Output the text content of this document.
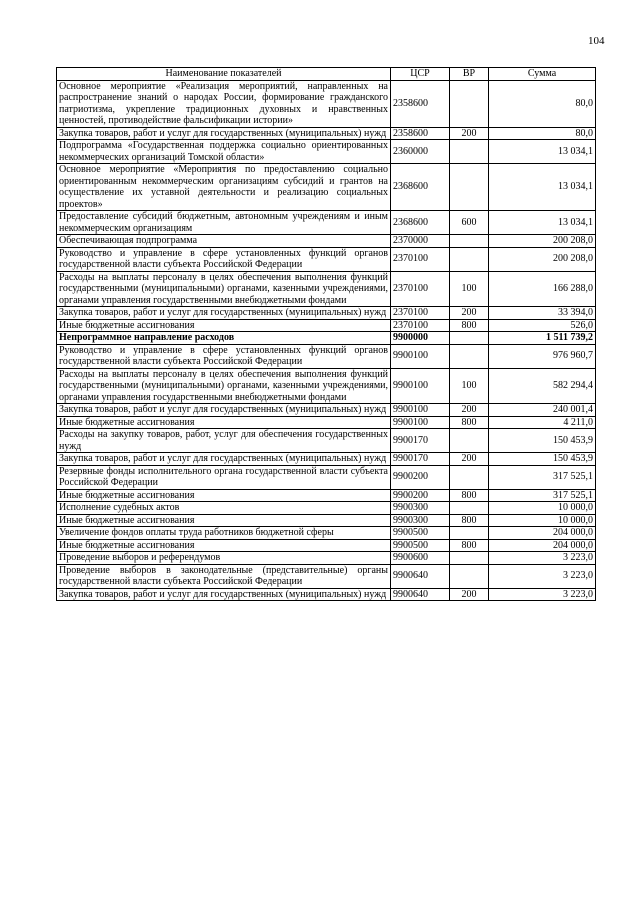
104
Наименование показателей	ЦСР	ВР	Сумма
Основное мероприятие «Реализация мероприятий, направленных на распространение знаний о народах России, формирование гражданского патриотизма, укрепление традиционных духовных и нравственных ценностей, противодействие фальсификации истории»	2358600		80,0
Закупка товаров, работ и услуг для государственных (муниципальных) нужд	2358600	200	80,0
Подпрограмма «Государственная поддержка социально ориентированных некоммерческих организаций Томской области»	2360000		13 034,1
Основное мероприятие «Мероприятия по предоставлению социально ориентированным некоммерческим организациям субсидий и грантов на осуществление их уставной деятельности и реализацию социальных проектов»	2368600		13 034,1
Предоставление субсидий бюджетным, автономным учреждениям и иным некоммерческим организациям	2368600	600	13 034,1
Обеспечивающая подпрограмма	2370000		200 208,0
Руководство и управление в сфере установленных функций органов государственной власти субъекта Российской Федерации	2370100		200 208,0
Расходы на выплаты персоналу в целях обеспечения выполнения функций государственными (муниципальными) органами, казенными учреждениями, органами управления государственными внебюджетными фондами	2370100	100	166 288,0
Закупка товаров, работ и услуг для государственных (муниципальных) нужд	2370100	200	33 394,0
Иные бюджетные ассигнования	2370100	800	526,0
Непрограммное направление расходов	9900000		1 511 739,2
Руководство и управление в сфере установленных функций органов государственной власти субъекта Российской Федерации	9900100		976 960,7
Расходы на выплаты персоналу в целях обеспечения выполнения функций государственными (муниципальными) органами, казенными учреждениями, органами управления государственными внебюджетными фондами	9900100	100	582 294,4
Закупка товаров, работ и услуг для государственных (муниципальных) нужд	9900100	200	240 001,4
Иные бюджетные ассигнования	9900100	800	4 211,0
Расходы на закупку товаров, работ, услуг для обеспечения государственных нужд	9900170		150 453,9
Закупка товаров, работ и услуг для государственных (муниципальных) нужд	9900170	200	150 453,9
Резервные фонды исполнительного органа государственной власти субъекта Российской Федерации	9900200		317 525,1
Иные бюджетные ассигнования	9900200	800	317 525,1
Исполнение судебных актов	9900300		10 000,0
Иные бюджетные ассигнования	9900300	800	10 000,0
Увеличение фондов оплаты труда работников бюджетной сферы	9900500		204 000,0
Иные бюджетные ассигнования	9900500	800	204 000,0
Проведение выборов и референдумов	9900600		3 223,0
Проведение выборов в законодательные (представительные) органы государственной власти субъекта Российской Федерации	9900640		3 223,0
Закупка товаров, работ и услуг для государственных (муниципальных) нужд	9900640	200	3 223,0
